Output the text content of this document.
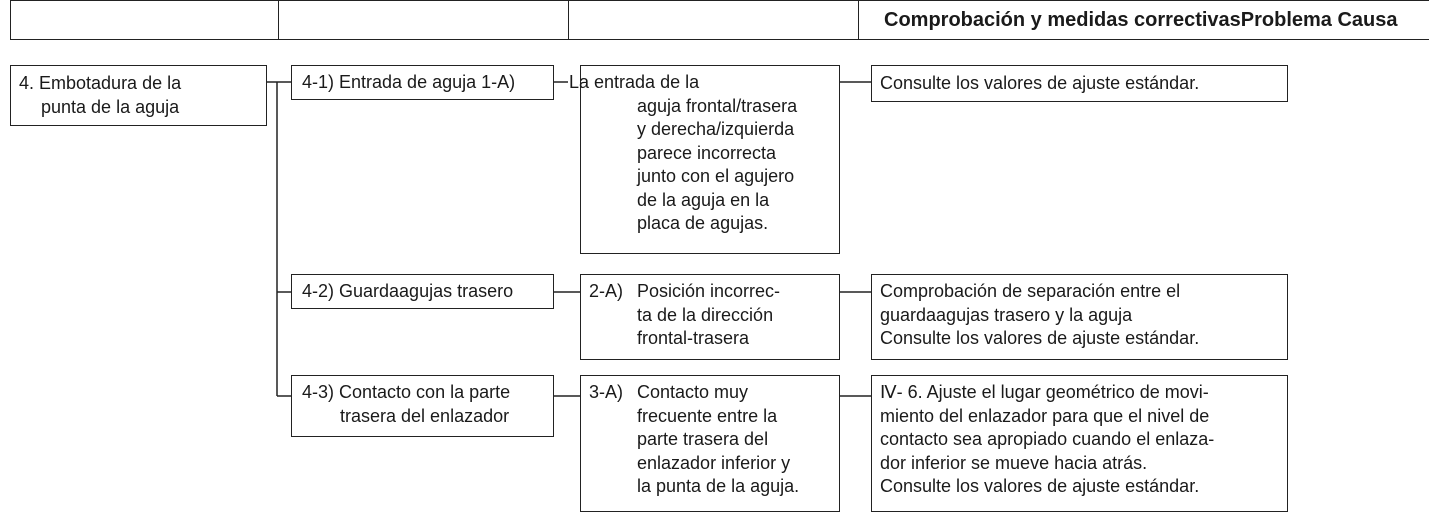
Comprobación y medidas correctivasProblema Causa
4. Embotadura de la
punta de la aguja
4-1) Entrada de aguja 1-A)	La entrada de la
aguja frontal/trasera
y derecha/izquierda
parece incorrecta
junto con el agujero
de la aguja en la
placa de agujas.
Consulte los valores de ajuste estándar.
4-2) Guardaagujas trasero	2-A) Posición incorrec-
ta de la dirección
frontal-trasera
Comprobación de separación entre el
guardaagujas trasero y la aguja
Consulte los valores de ajuste estándar.
4-3) Contacto con la parte
trasera del enlazador
3-A) Contacto muy
frecuente entre la
parte trasera del
enlazador inferior y
la punta de la aguja.
Ⅳ- 6. Ajuste el lugar geométrico de movi-
miento del enlazador para que el nivel de
contacto sea apropiado cuando el enlaza-
dor inferior se mueve hacia atrás.
Consulte los valores de ajuste estándar.
